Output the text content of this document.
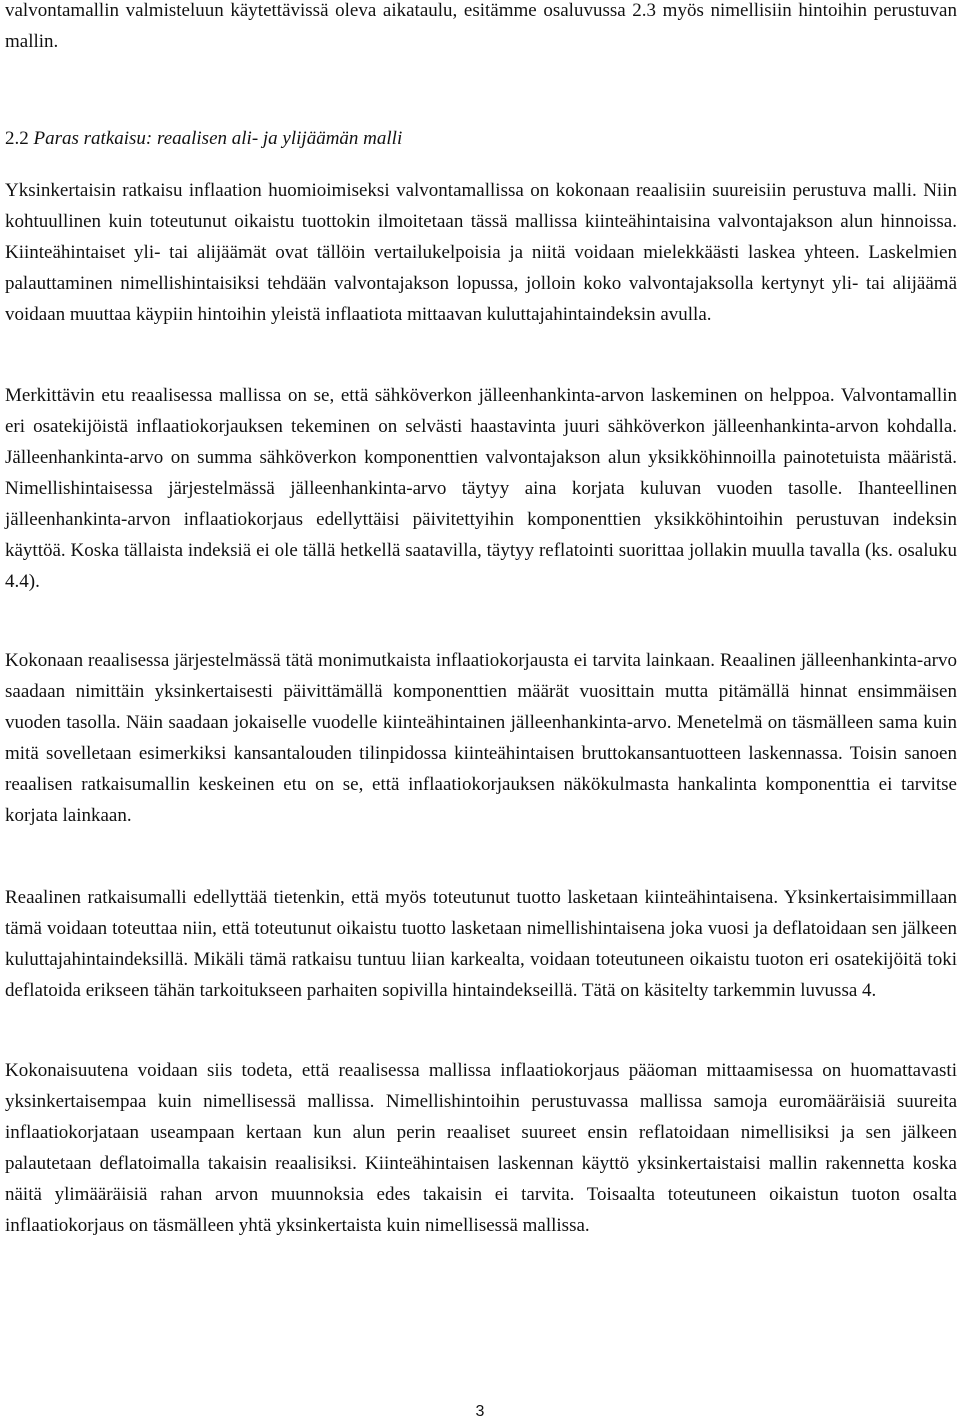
valvontamallin valmisteluun käytettävissä oleva aikataulu, esitämme osaluvussa 2.3 myös nimellisiin hintoihin perustuvan mallin.

2.2 Paras ratkaisu: reaalisen ali- ja ylijäämän malli

Yksinkertaisin ratkaisu inflaation huomioimiseksi valvontamallissa on kokonaan reaalisiin suureisiin perustuva malli. Niin kohtuullinen kuin toteutunut oikaistu tuottokin ilmoitetaan tässä mallissa kiinteähintaisina valvontajakson alun hinnoissa. Kiinteähintaiset yli- tai alijäämät ovat tällöin vertailukelpoisia ja niitä voidaan mielekkäästi laskea yhteen. Laskelmien palauttaminen nimellishintaisiksi tehdään valvontajakson lopussa, jolloin koko valvontajaksolla kertynyt yli- tai alijäämä voidaan muuttaa käypiin hintoihin yleistä inflaatiota mittaavan kuluttajahintaindeksin avulla.

Merkittävin etu reaalisessa mallissa on se, että sähköverkon jälleenhankinta-arvon laskeminen on helppoa. Valvontamallin eri osatekijöistä inflaatiokorjauksen tekeminen on selvästi haastavinta juuri sähköverkon jälleenhankinta-arvon kohdalla. Jälleenhankinta-arvo on summa sähköverkon komponenttien valvontajakson alun yksikköhinnoilla painotetuista määristä. Nimellishintaisessa järjestelmässä jälleenhankinta-arvo täytyy aina korjata kuluvan vuoden tasolle. Ihanteellinen jälleenhankinta-arvon inflaatiokorjaus edellyttäisi päivitettyihin komponenttien yksikköhintoihin perustuvan indeksin käyttöä. Koska tällaista indeksiä ei ole tällä hetkellä saatavilla, täytyy reflatointi suorittaa jollakin muulla tavalla (ks. osaluku 4.4).

Kokonaan reaalisessa järjestelmässä tätä monimutkaista inflaatiokorjausta ei tarvita lainkaan. Reaalinen jälleenhankinta-arvo saadaan nimittäin yksinkertaisesti päivittämällä komponenttien määrät vuosittain mutta pitämällä hinnat ensimmäisen vuoden tasolla. Näin saadaan jokaiselle vuodelle kiinteähintainen jälleenhankinta-arvo. Menetelmä on täsmälleen sama kuin mitä sovelletaan esimerkiksi kansantalouden tilinpidossa kiinteähintaisen bruttokansantuotteen laskennassa. Toisin sanoen reaalisen ratkaisumallin keskeinen etu on se, että inflaatiokorjauksen näkökulmasta hankalinta komponenttia ei tarvitse korjata lainkaan.

Reaalinen ratkaisumalli edellyttää tietenkin, että myös toteutunut tuotto lasketaan kiinteähintaisena. Yksinkertaisimmillaan tämä voidaan toteuttaa niin, että toteutunut oikaistu tuotto lasketaan nimellishintaisena joka vuosi ja deflatoidaan sen jälkeen kuluttajahintaindeksillä. Mikäli tämä ratkaisu tuntuu liian karkealta, voidaan toteutuneen oikaistu tuoton eri osatekijöitä toki deflatoida erikseen tähän tarkoitukseen parhaiten sopivilla hintaindekseillä. Tätä on käsitelty tarkemmin luvussa 4.

Kokonaisuutena voidaan siis todeta, että reaalisessa mallissa inflaatiokorjaus pääoman mittaamisessa on huomattavasti yksinkertaisempaa kuin nimellisessä mallissa. Nimellishintoihin perustuvassa mallissa samoja euromääräisiä suureita inflaatiokorjataan useampaan kertaan kun alun perin reaaliset suureet ensin reflatoidaan nimellisiksi ja sen jälkeen palautetaan deflatoimalla takaisin reaalisiksi. Kiinteähintaisen laskennan käyttö yksinkertaistaisi mallin rakennetta koska näitä ylimääräisiä rahan arvon muunnoksia edes takaisin ei tarvita. Toisaalta toteutuneen oikaistun tuoton osalta inflaatiokorjaus on täsmälleen yhtä yksinkertaista kuin nimellisessä mallissa.

3
